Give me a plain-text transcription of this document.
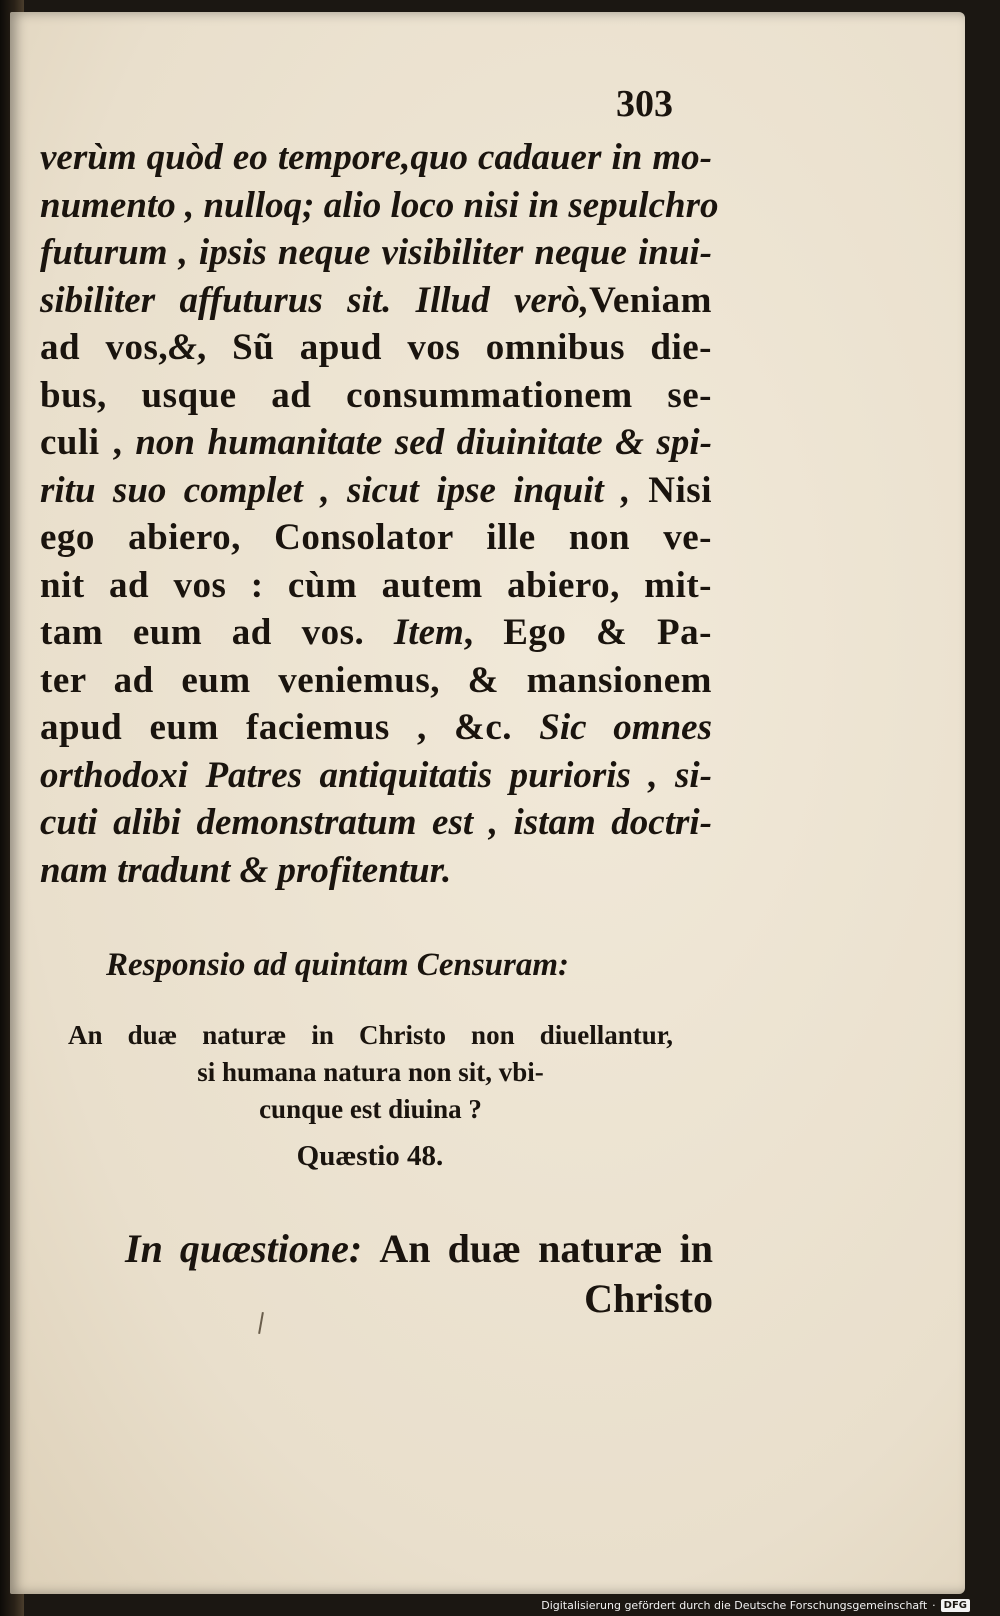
303
verùm quòd eo tempore,quo cadauer in mo-
numento , nulloq; alio loco nisi in sepulchro
futurum , ipsis neque visibiliter neque inui-
sibiliter affuturus sit. Illud verò,Veniam
ad vos,&, Sũ apud vos omnibus die-
bus, usque ad consummationem se-
culi , non humanitate sed diuinitate & spi-
ritu suo complet , sicut ipse inquit , Nisi
ego abiero, Consolator ille non ve-
nit ad vos : cùm autem abiero, mit-
tam eum ad vos. Item, Ego & Pa-
ter ad eum veniemus, & mansionem
apud eum faciemus , &c. Sic omnes
orthodoxi Patres antiquitatis purioris , si-
cuti alibi demonstratum est , istam doctri-
nam tradunt & profitentur.
Responsio ad quintam Censuram:
An duæ naturæ in Christo non diuellantur,
si humana natura non sit, vbi-
cunque est diuina ?
Quæstio 48.
In quæstione: An duæ naturæ in
Christo
Digitalisierung gefördert durch die Deutsche Forschungsgemeinschaft · DFG
